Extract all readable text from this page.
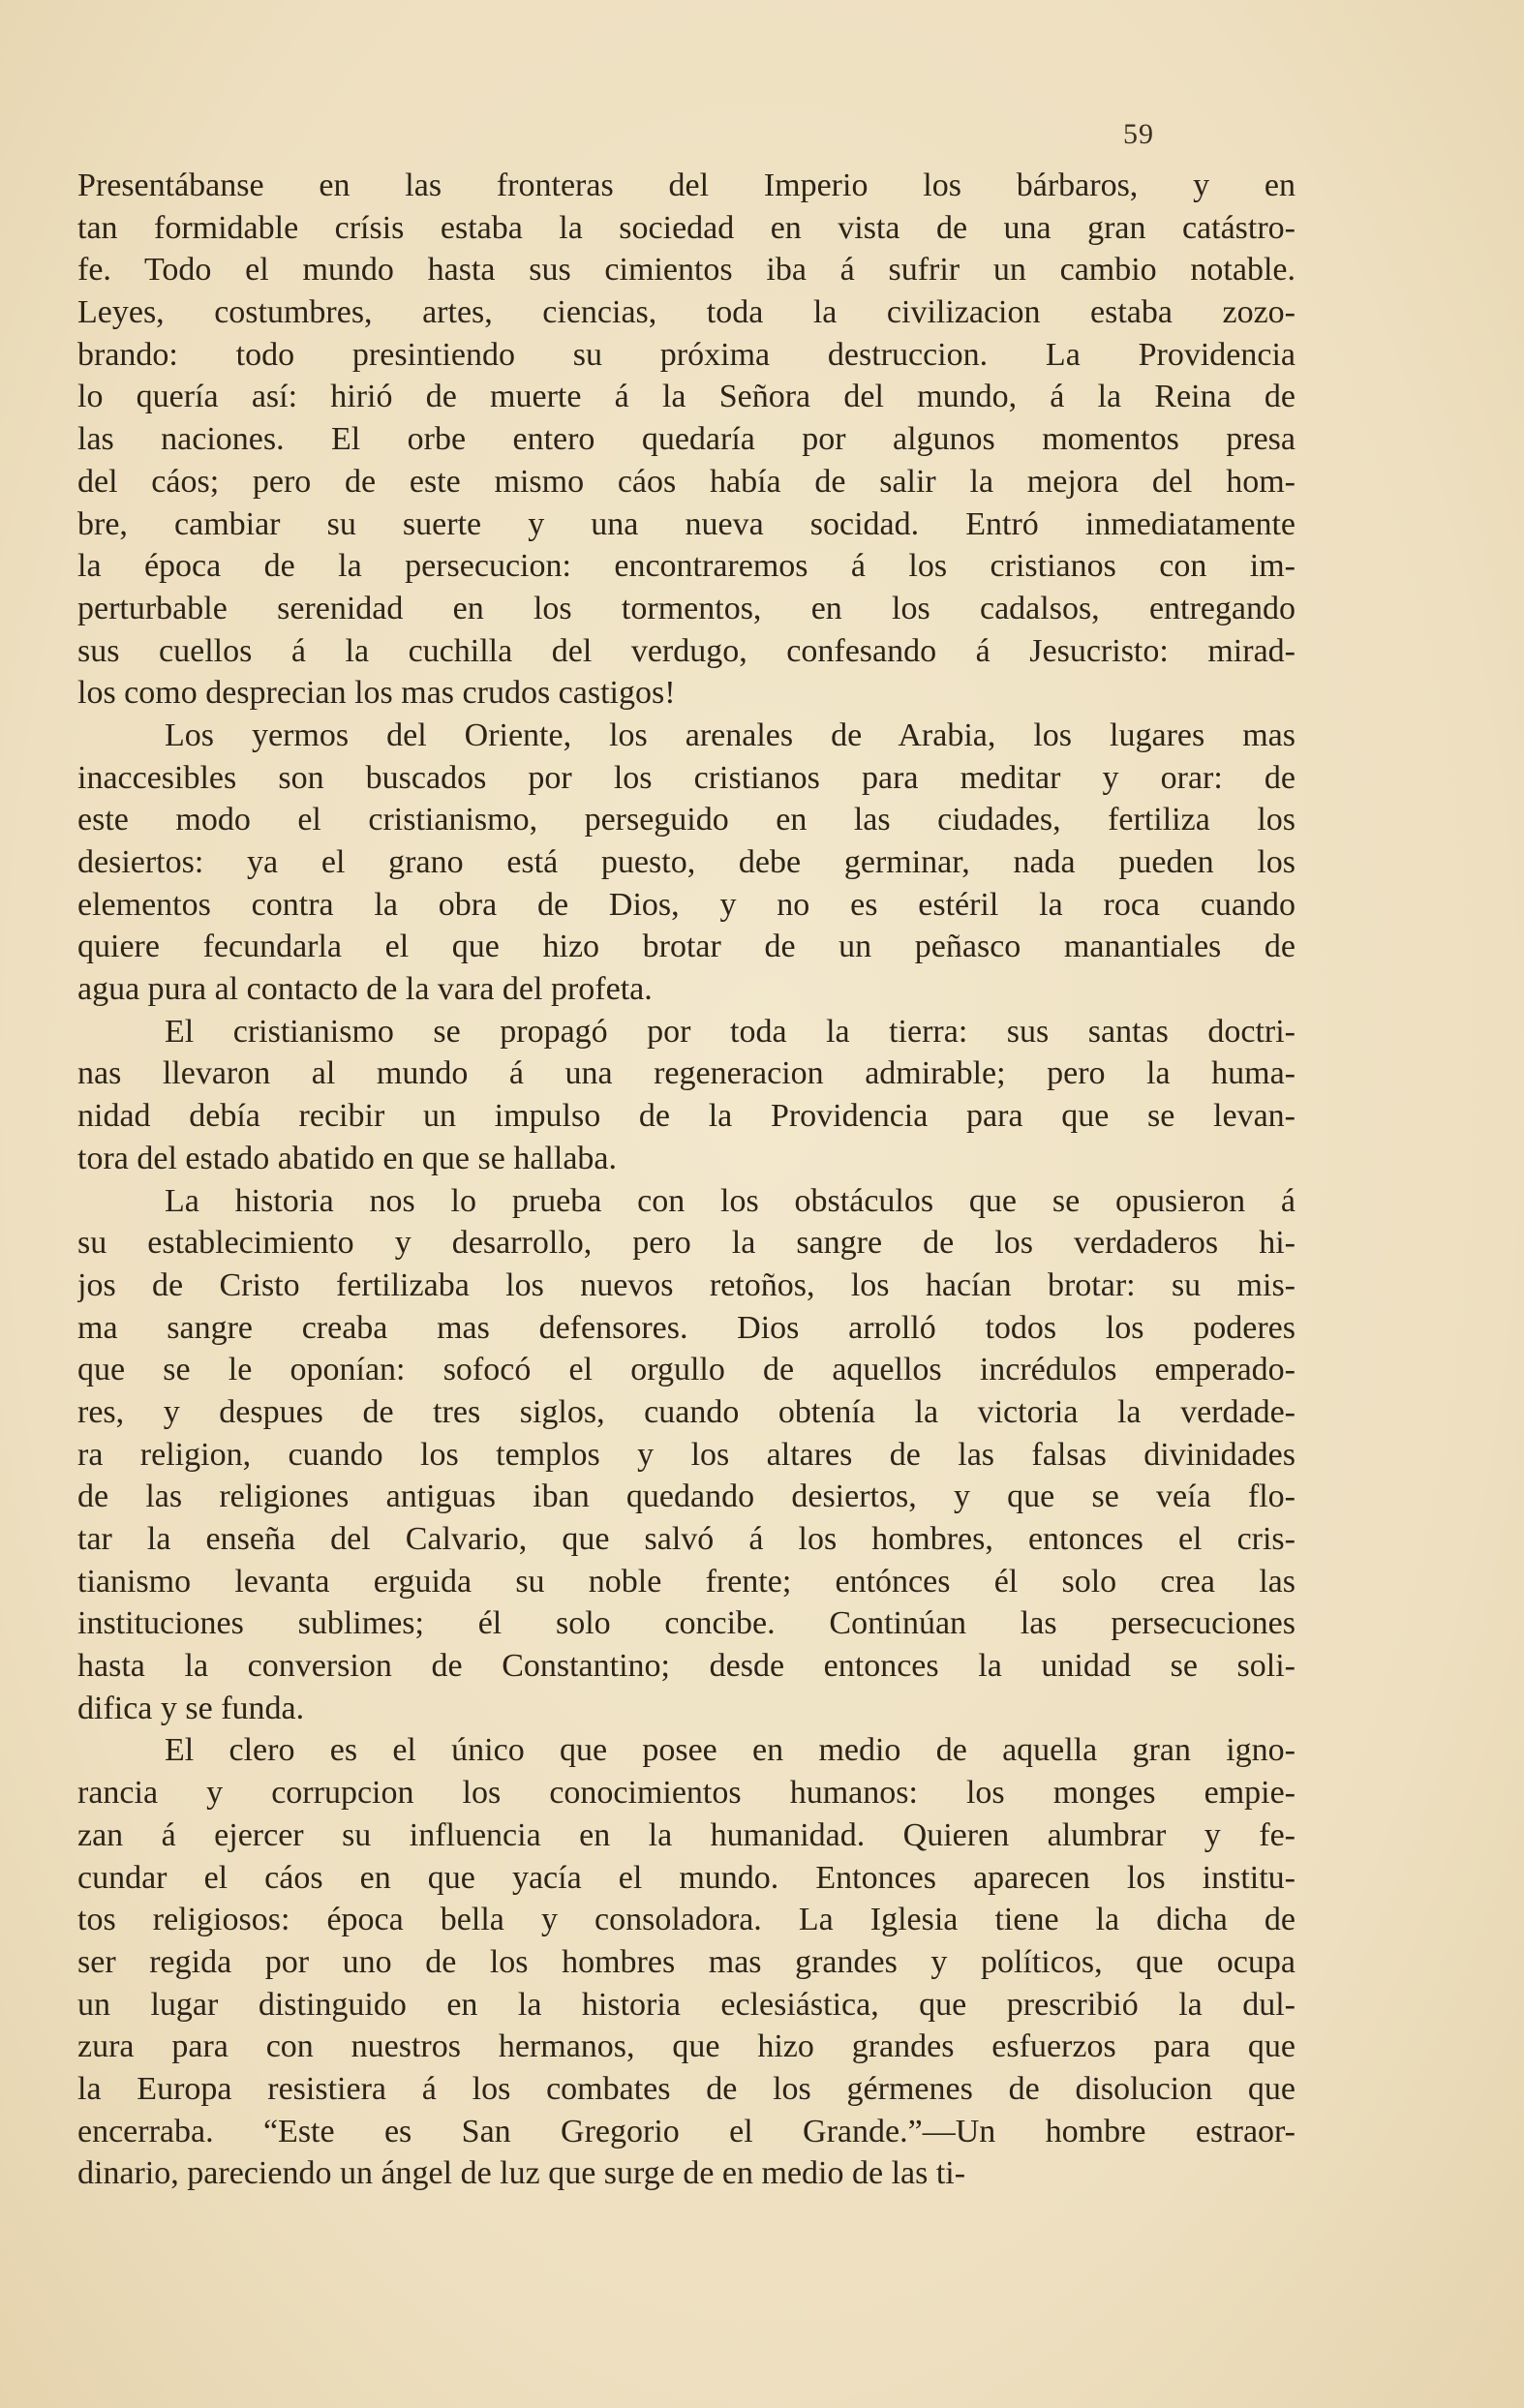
59
Presentábanse en las fronteras del Imperio los bárbaros, y en
tan formidable crísis estaba la sociedad en vista de una gran catástro-
fe. Todo el mundo hasta sus cimientos iba á sufrir un cambio notable.
Leyes, costumbres, artes, ciencias, toda la civilizacion estaba zozo-
brando: todo presintiendo su próxima destruccion. La Providencia
lo quería así: hirió de muerte á la Señora del mundo, á la Reina de
las naciones. El orbe entero quedaría por algunos momentos presa
del cáos; pero de este mismo cáos había de salir la mejora del hom-
bre, cambiar su suerte y una nueva socidad. Entró inmediatamente
la época de la persecucion: encontraremos á los cristianos con im-
perturbable serenidad en los tormentos, en los cadalsos, entregando
sus cuellos á la cuchilla del verdugo, confesando á Jesucristo: mirad-
los como desprecian los mas crudos castigos!
Los yermos del Oriente, los arenales de Arabia, los lugares mas
inaccesibles son buscados por los cristianos para meditar y orar: de
este modo el cristianismo, perseguido en las ciudades, fertiliza los
desiertos: ya el grano está puesto, debe germinar, nada pueden los
elementos contra la obra de Dios, y no es estéril la roca cuando
quiere fecundarla el que hizo brotar de un peñasco manantiales de
agua pura al contacto de la vara del profeta.
El cristianismo se propagó por toda la tierra: sus santas doctri-
nas llevaron al mundo á una regeneracion admirable; pero la huma-
nidad debía recibir un impulso de la Providencia para que se levan-
tora del estado abatido en que se hallaba.
La historia nos lo prueba con los obstáculos que se opusieron á
su establecimiento y desarrollo, pero la sangre de los verdaderos hi-
jos de Cristo fertilizaba los nuevos retoños, los hacían brotar: su mis-
ma sangre creaba mas defensores. Dios arrolló todos los poderes
que se le oponían: sofocó el orgullo de aquellos incrédulos emperado-
res, y despues de tres siglos, cuando obtenía la victoria la verdade-
ra religion, cuando los templos y los altares de las falsas divinidades
de las religiones antiguas iban quedando desiertos, y que se veía flo-
tar la enseña del Calvario, que salvó á los hombres, entonces el cris-
tianismo levanta erguida su noble frente; entónces él solo crea las
instituciones sublimes; él solo concibe. Continúan las persecuciones
hasta la conversion de Constantino; desde entonces la unidad se soli-
difica y se funda.
El clero es el único que posee en medio de aquella gran igno-
rancia y corrupcion los conocimientos humanos: los monges empie-
zan á ejercer su influencia en la humanidad. Quieren alumbrar y fe-
cundar el cáos en que yacía el mundo. Entonces aparecen los institu-
tos religiosos: época bella y consoladora. La Iglesia tiene la dicha de
ser regida por uno de los hombres mas grandes y políticos, que ocupa
un lugar distinguido en la historia eclesiástica, que prescribió la dul-
zura para con nuestros hermanos, que hizo grandes esfuerzos para que
la Europa resistiera á los combates de los gérmenes de disolucion que
encerraba. “Este es San Gregorio el Grande.”—Un hombre estraor-
dinario, pareciendo un ángel de luz que surge de en medio de las ti-
